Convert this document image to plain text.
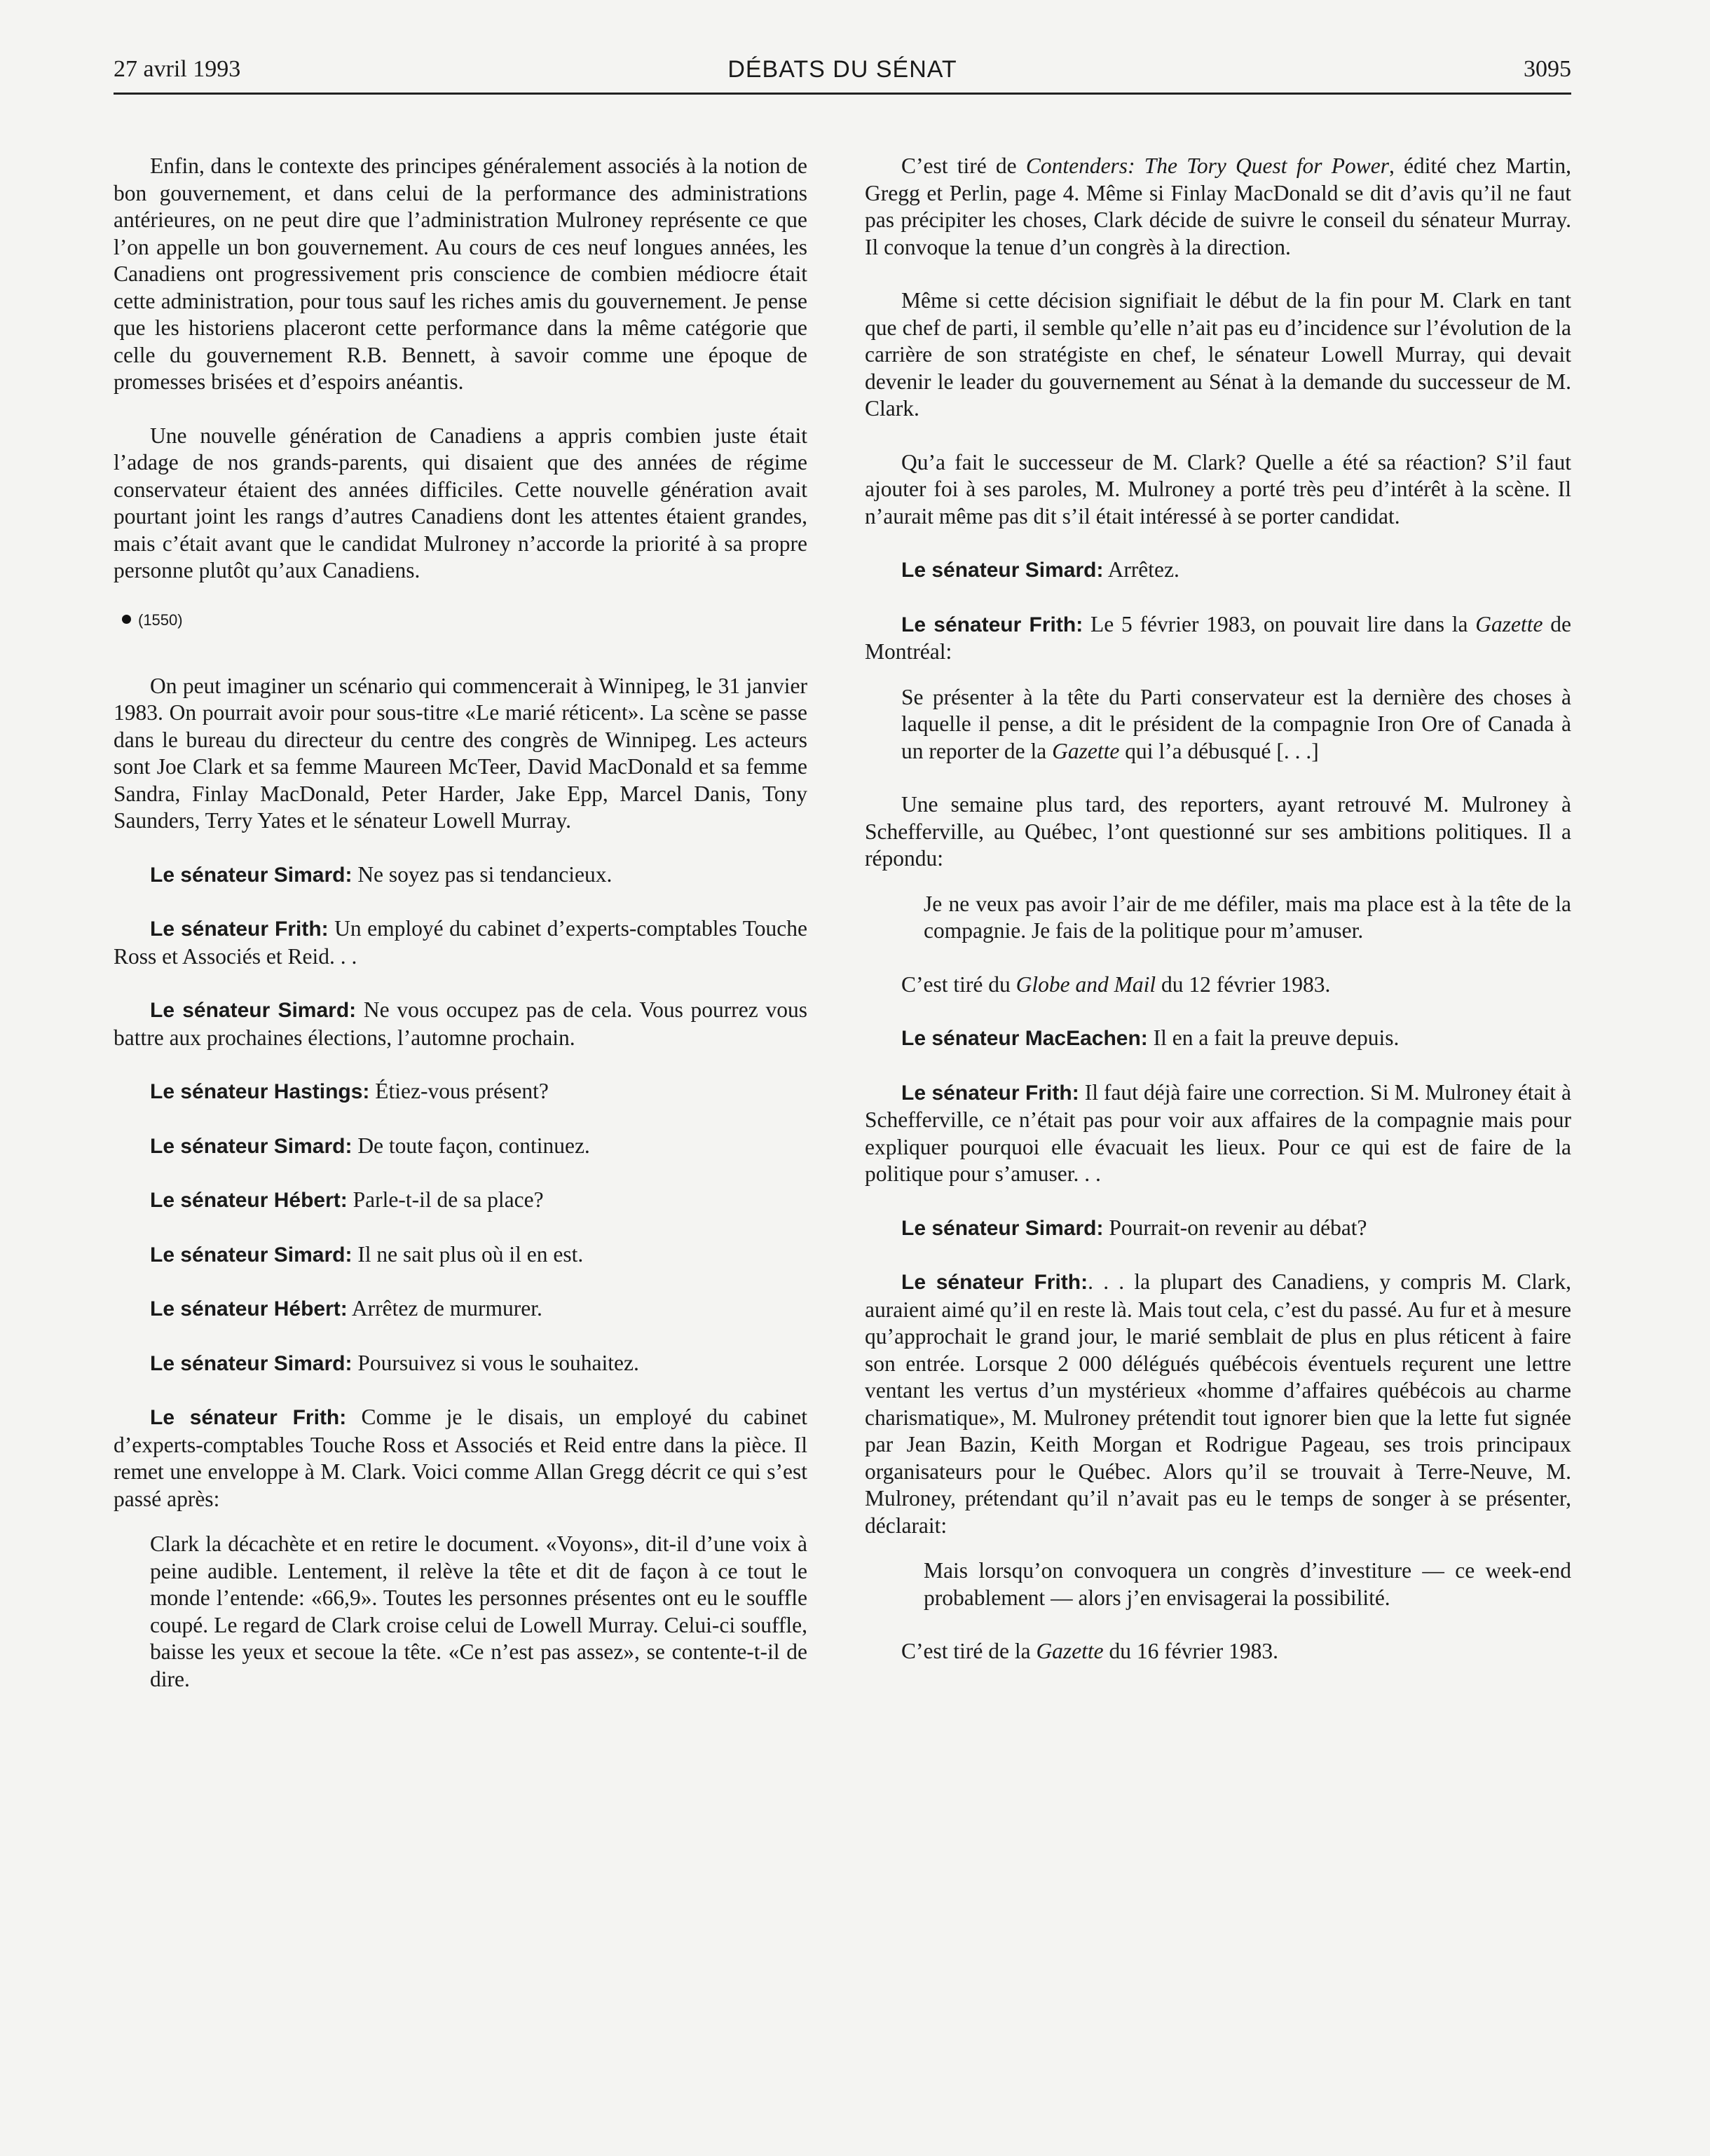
27 avril 1993	DÉBATS DU SÉNAT	3095

Enfin, dans le contexte des principes généralement associés à la notion de bon gouvernement, et dans celui de la performance des administrations antérieures, on ne peut dire que l’administration Mulroney représente ce que l’on appelle un bon gouvernement. Au cours de ces neuf longues années, les Canadiens ont progressivement pris conscience de combien médiocre était cette administration, pour tous sauf les riches amis du gouvernement. Je pense que les historiens placeront cette performance dans la même catégorie que celle du gouvernement R.B. Bennett, à savoir comme une époque de promesses brisées et d’espoirs anéantis.

Une nouvelle génération de Canadiens a appris combien juste était l’adage de nos grands-parents, qui disaient que des années de régime conservateur étaient des années difficiles. Cette nouvelle génération avait pourtant joint les rangs d’autres Canadiens dont les attentes étaient grandes, mais c’était avant que le candidat Mulroney n’accorde la priorité à sa propre personne plutôt qu’aux Canadiens.

(1550)

On peut imaginer un scénario qui commencerait à Winnipeg, le 31 janvier 1983. On pourrait avoir pour sous-titre «Le marié réticent». La scène se passe dans le bureau du directeur du centre des congrès de Winnipeg. Les acteurs sont Joe Clark et sa femme Maureen McTeer, David MacDonald et sa femme Sandra, Finlay MacDonald, Peter Harder, Jake Epp, Marcel Danis, Tony Saunders, Terry Yates et le sénateur Lowell Murray.

Le sénateur Simard: Ne soyez pas si tendancieux.

Le sénateur Frith: Un employé du cabinet d’experts-comptables Touche Ross et Associés et Reid. . .

Le sénateur Simard: Ne vous occupez pas de cela. Vous pourrez vous battre aux prochaines élections, l’automne prochain.

Le sénateur Hastings: Étiez-vous présent?

Le sénateur Simard: De toute façon, continuez.

Le sénateur Hébert: Parle-t-il de sa place?

Le sénateur Simard: Il ne sait plus où il en est.

Le sénateur Hébert: Arrêtez de murmurer.

Le sénateur Simard: Poursuivez si vous le souhaitez.

Le sénateur Frith: Comme je le disais, un employé du cabinet d’experts-comptables Touche Ross et Associés et Reid entre dans la pièce. Il remet une enveloppe à M. Clark. Voici comme Allan Gregg décrit ce qui s’est passé après:

Clark la décachète et en retire le document. «Voyons», dit-il d’une voix à peine audible. Lentement, il relève la tête et dit de façon à ce tout le monde l’entende: «66,9». Toutes les personnes présentes ont eu le souffle coupé. Le regard de Clark croise celui de Lowell Murray. Celui-ci souffle, baisse les yeux et secoue la tête. «Ce n’est pas assez», se contente-t-il de dire.

C’est tiré de Contenders: The Tory Quest for Power, édité chez Martin, Gregg et Perlin, page 4. Même si Finlay MacDonald se dit d’avis qu’il ne faut pas précipiter les choses, Clark décide de suivre le conseil du sénateur Murray. Il convoque la tenue d’un congrès à la direction.

Même si cette décision signifiait le début de la fin pour M. Clark en tant que chef de parti, il semble qu’elle n’ait pas eu d’incidence sur l’évolution de la carrière de son stratégiste en chef, le sénateur Lowell Murray, qui devait devenir le leader du gouvernement au Sénat à la demande du successeur de M. Clark.

Qu’a fait le successeur de M. Clark? Quelle a été sa réaction? S’il faut ajouter foi à ses paroles, M. Mulroney a porté très peu d’intérêt à la scène. Il n’aurait même pas dit s’il était intéressé à se porter candidat.

Le sénateur Simard: Arrêtez.

Le sénateur Frith: Le 5 février 1983, on pouvait lire dans la Gazette de Montréal:

Se présenter à la tête du Parti conservateur est la dernière des choses à laquelle il pense, a dit le président de la compagnie Iron Ore of Canada à un reporter de la Gazette qui l’a débusqué [. . .]

Une semaine plus tard, des reporters, ayant retrouvé M. Mulroney à Schefferville, au Québec, l’ont questionné sur ses ambitions politiques. Il a répondu:

Je ne veux pas avoir l’air de me défiler, mais ma place est à la tête de la compagnie. Je fais de la politique pour m’amuser.

C’est tiré du Globe and Mail du 12 février 1983.

Le sénateur MacEachen: Il en a fait la preuve depuis.

Le sénateur Frith: Il faut déjà faire une correction. Si M. Mulroney était à Schefferville, ce n’était pas pour voir aux affaires de la compagnie mais pour expliquer pourquoi elle évacuait les lieux. Pour ce qui est de faire de la politique pour s’amuser. . .

Le sénateur Simard: Pourrait-on revenir au débat?

Le sénateur Frith:. . . la plupart des Canadiens, y compris M. Clark, auraient aimé qu’il en reste là. Mais tout cela, c’est du passé. Au fur et à mesure qu’approchait le grand jour, le marié semblait de plus en plus réticent à faire son entrée. Lorsque 2 000 délégués québécois éventuels reçurent une lettre ventant les vertus d’un mystérieux «homme d’affaires québécois au charme charismatique», M. Mulroney prétendit tout ignorer bien que la lette fut signée par Jean Bazin, Keith Morgan et Rodrigue Pageau, ses trois principaux organisateurs pour le Québec. Alors qu’il se trouvait à Terre-Neuve, M. Mulroney, prétendant qu’il n’avait pas eu le temps de songer à se présenter, déclarait:

Mais lorsqu’on convoquera un congrès d’investiture — ce week-end probablement — alors j’en envisagerai la possibilité.

C’est tiré de la Gazette du 16 février 1983.
